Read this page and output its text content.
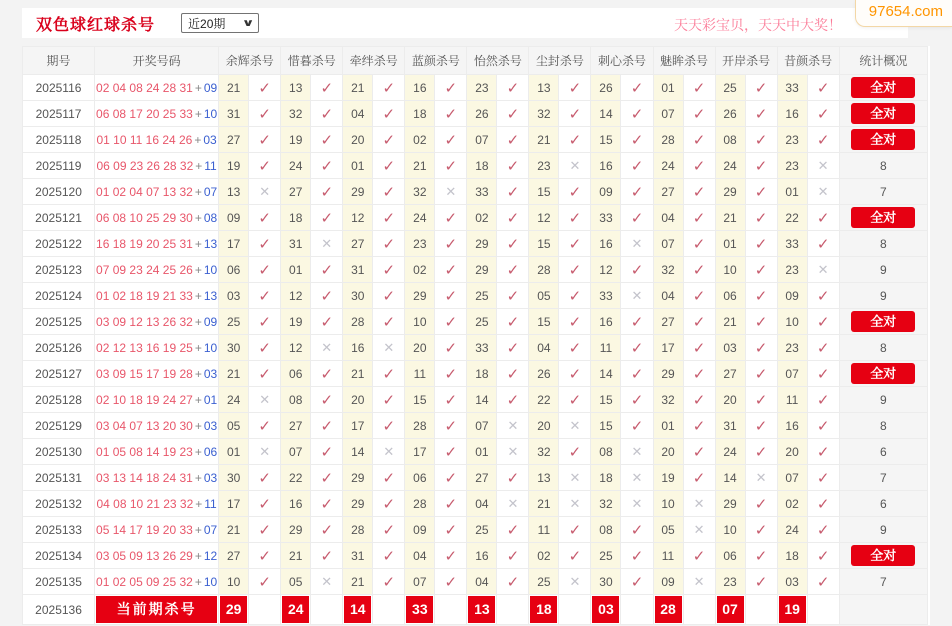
双色球红球杀号	近20期 ∨	天天彩宝贝，天天中大奖！
97654.com
期号	开奖号码	余辉杀号		惜暮杀号		牵绊杀号		蓝颜杀号		怡然杀号		尘封杀号		刺心杀号		魅眸杀号		开岸杀号		昔颜杀号		统计概况
2025116	02 04 08 24 28 31 + 09	21	✓	13	✓	21	✓	16	✓	23	✓	13	✓	26	✓	01	✓	25	✓	33	✓	全对

2025117	06 08 17 20 25 33 + 10	31	✓	32	✓	04	✓	18	✓	26	✓	32	✓	14	✓	07	✓	26	✓	16	✓	全对

2025118	01 10 11 16 24 26 + 03	27	✓	19	✓	20	✓	02	✓	07	✓	21	✓	15	✓	28	✓	08	✓	23	✓	全对

2025119	06 09 23 26 28 32 + 11	19	✓	24	✓	01	✓	21	✓	18	✓	23	✕	16	✓	24	✓	24	✓	23	✕	8
2025120	01 02 04 07 13 32 + 07	13	✕	27	✓	29	✓	32	✕	33	✓	15	✓	09	✓	27	✓	29	✓	01	✕	7
2025121	06 08 10 25 29 30 + 08	09	✓	18	✓	12	✓	24	✓	02	✓	12	✓	33	✓	04	✓	21	✓	22	✓	全对

2025122	16 18 19 20 25 31 + 13	17	✓	31	✕	27	✓	23	✓	29	✓	15	✓	16	✕	07	✓	01	✓	33	✓	8
2025123	07 09 23 24 25 26 + 10	06	✓	01	✓	31	✓	02	✓	29	✓	28	✓	12	✓	32	✓	10	✓	23	✕	9
2025124	01 02 18 19 21 33 + 13	03	✓	12	✓	30	✓	29	✓	25	✓	05	✓	33	✕	04	✓	06	✓	09	✓	9
2025125	03 09 12 13 26 32 + 09	25	✓	19	✓	28	✓	10	✓	25	✓	15	✓	16	✓	27	✓	21	✓	10	✓	全对

2025126	02 12 13 16 19 25 + 10	30	✓	12	✕	16	✕	20	✓	33	✓	04	✓	11	✓	17	✓	03	✓	23	✓	8
2025127	03 09 15 17 19 28 + 03	21	✓	06	✓	21	✓	11	✓	18	✓	26	✓	14	✓	29	✓	27	✓	07	✓	全对

2025128	02 10 18 19 24 27 + 01	24	✕	08	✓	20	✓	15	✓	14	✓	22	✓	15	✓	32	✓	20	✓	11	✓	9
2025129	03 04 07 13 20 30 + 03	05	✓	27	✓	17	✓	28	✓	07	✕	20	✕	15	✓	01	✓	31	✓	16	✓	8
2025130	01 05 08 14 19 23 + 06	01	✕	07	✓	14	✕	17	✓	01	✕	32	✓	08	✕	20	✓	24	✓	20	✓	6
2025131	03 13 14 18 24 31 + 03	30	✓	22	✓	29	✓	06	✓	27	✓	13	✕	18	✕	19	✓	14	✕	07	✓	7
2025132	04 08 10 21 23 32 + 11	17	✓	16	✓	29	✓	28	✓	04	✕	21	✕	32	✕	10	✕	29	✓	02	✓	6
2025133	05 14 17 19 20 33 + 07	21	✓	29	✓	28	✓	09	✓	25	✓	11	✓	08	✓	05	✕	10	✓	24	✓	9
2025134	03 05 09 13 26 29 + 12	27	✓	21	✓	31	✓	04	✓	16	✓	02	✓	25	✓	11	✓	06	✓	18	✓	全对

2025135	01 02 05 09 25 32 + 10	10	✓	05	✕	21	✓	07	✓	04	✓	25	✕	30	✓	09	✕	23	✓	03	✓	7
2025136	当前期杀号	29		24		14		33		13		18		03		28		07		19		
